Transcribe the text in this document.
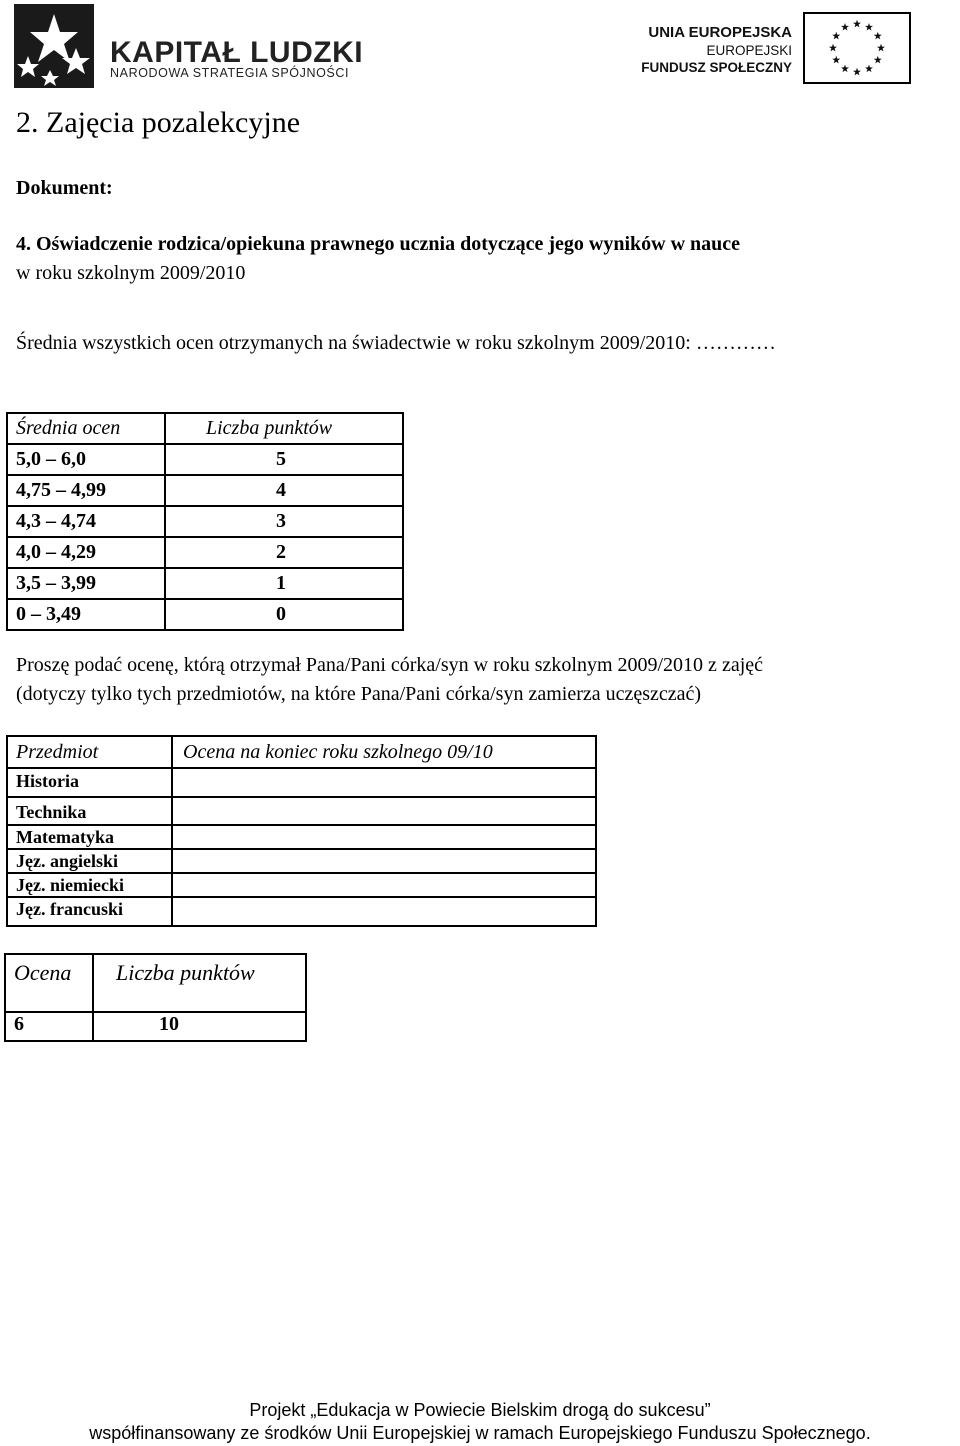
KAPITAŁ LUDZKI
NARODOWA STRATEGIA SPÓJNOŚCI
UNIA EUROPEJSKA
EUROPEJSKI
FUNDUSZ SPOŁECZNY
2. Zajęcia pozalekcyjne
Dokument:
4. Oświadczenie rodzica/opiekuna prawnego ucznia dotyczące jego wyników w nauce
w roku szkolnym 2009/2010
Średnia wszystkich ocen otrzymanych na świadectwie w roku szkolnym 2009/2010: …………
Średnia ocen	Liczba punktów
5,0 – 6,0	5
4,75 – 4,99	4
4,3 – 4,74	3
4,0 – 4,29	2
3,5 – 3,99	1
0 – 3,49	0
Proszę podać ocenę, którą otrzymał Pana/Pani córka/syn w roku szkolnym 2009/2010 z zajęć
(dotyczy tylko tych przedmiotów, na które Pana/Pani córka/syn zamierza uczęszczać)
Przedmiot	Ocena na koniec roku szkolnego 09/10
Historia	
Technika	
Matematyka	
Jęz. angielski	
Jęz. niemiecki	
Jęz. francuski	
Ocena	Liczba punktów
6	10
Projekt „Edukacja w Powiecie Bielskim drogą do sukcesu”
współfinansowany ze środków Unii Europejskiej w ramach Europejskiego Funduszu Społecznego.
